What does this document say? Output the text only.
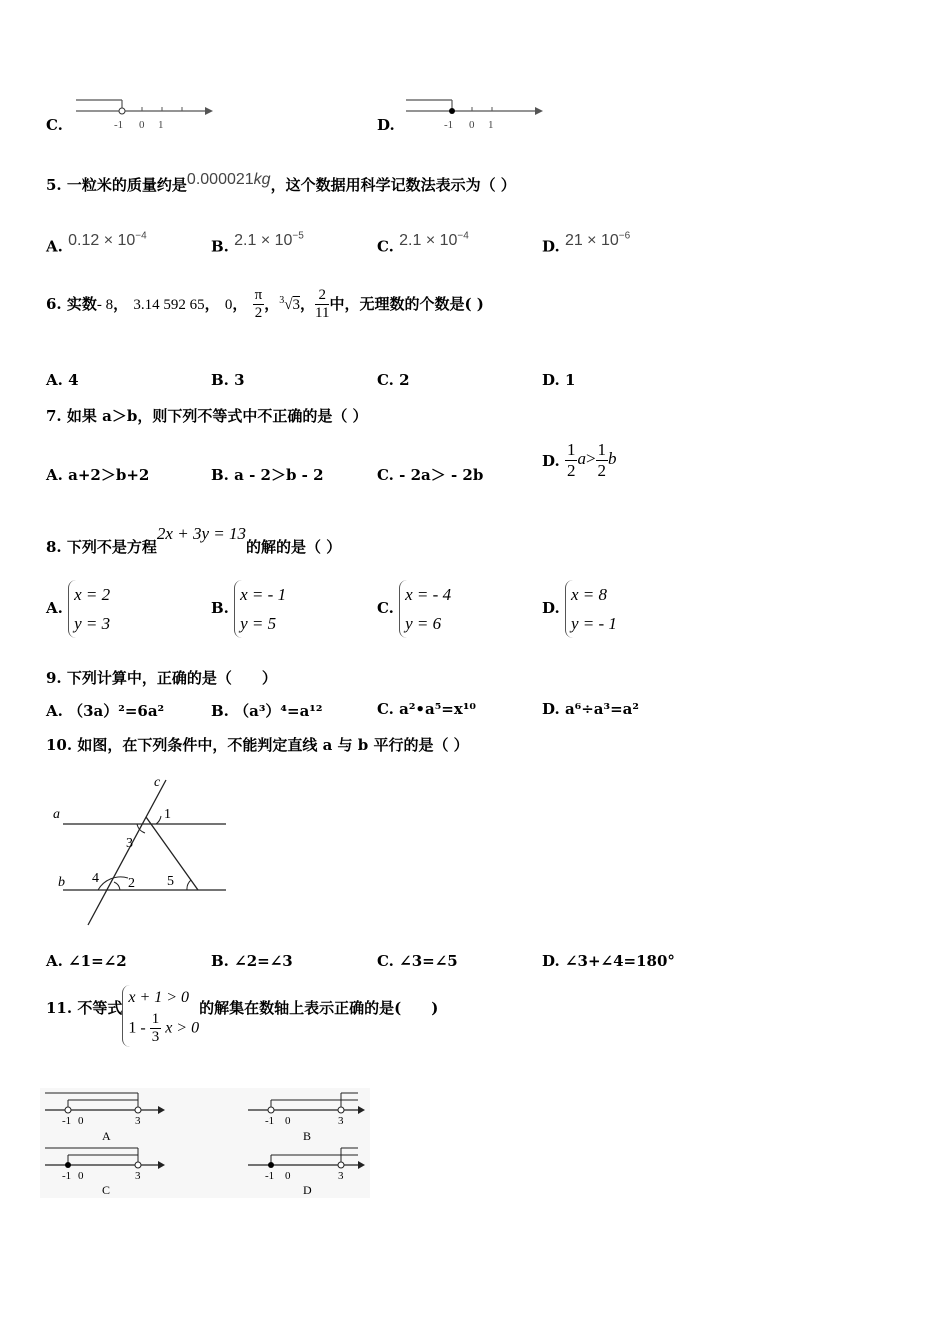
C.	-1 0 1	D.	-1 0 1
5. 一粒米的质量约是0.000021kg，这个数据用科学记数法表示为（ ）
A. $0.12 \times 10^{-4}$
B. $2.1 \times 10^{-5}$
C. $2.1 \times 10^{-4}$
D. $21 \times 10^{-6}$
6. 实数- 8， 3.14 592 65， 0， $\frac{\pi}{2}$ ，$^3$√3， $\frac{2}{11}$ 中，无理数的个数是( )
A. 4	B. 3	C. 2	D. 1
7. 如果 a＞b，则下列不等式中不正确的是（ ）
A. a+2＞b+2	B. a - 2＞b - 2	C. - 2a＞ - 2b
D. $\frac{1}{2} a> \frac{1}{2}$ b
8. 下列不是方程2x + 3y = 13的解的是（ ）
A.
x = 2
y = 3
B.
x = - 1
y = 5
C.
x = - 4
y = 6
D.
x = 8
y = - 1
9. 下列计算中，正确的是（　　）
A. （3a）²=6a²	B. （a³）⁴=a¹²	C. a²•a⁵=x¹⁰	D. a⁶÷a³=a²
10. 如图，在下列条件中，不能判定直线 a 与 b 平行的是（ ）
a
b
c
1
3
4 2 5
A. ∠1=∠2	B. ∠2=∠3	C. ∠3=∠5	D. ∠3+∠4=180°
11. 不等式
x + 1 > 0
$1 - \frac{1}{3}$ x > 0
的解集在数轴上表示正确的是(　　)
-1 0	3
A
-1 0	3
B
-1 0	3
C
-1 0	3
D
